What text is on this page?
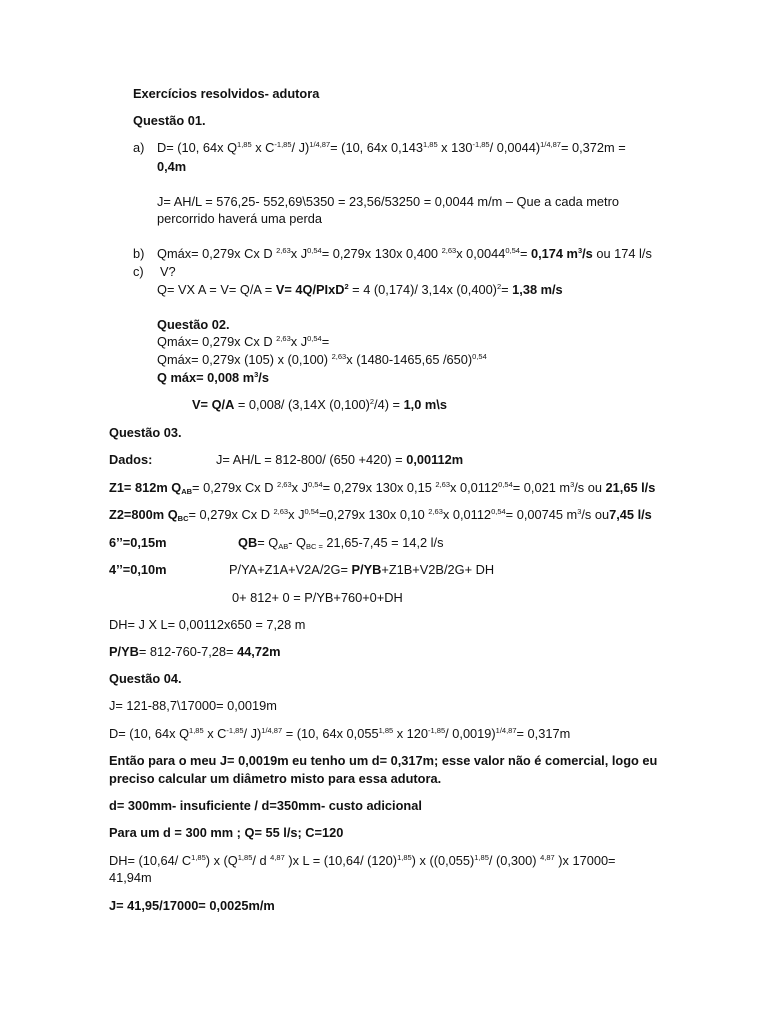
Exercícios resolvidos- adutora
Questão 01.
a) D= (10, 64x Q$^{1,85}$ x $C^{-1,85}/$ J)$^{1/4,87}$= (10, 64x 0,143$^{1,85}$ x $130^{-1,85}/$ 0,0044)$^{1/4,87}$= 0,372m =
0,4m
J= AH/L = 576,25- 552,69\5350 = 23,56/53250 = 0,0044 m/m – Que a cada metro
percorrido haverá uma perda
b) Qmáx= 0,279x Cx D $^{2,63}$x J$^{0,54}$= 0,279x 130x 0,400 $^{2,63}$x $0,0044^{0,54}= 0,174$ $m^3/s$ ou 174 l/s
c) V?
Q= VX A = V= Q/A = V= 4Q/PIxD$^2$ = 4 (0,174)/ 3,14x $(0,400)^2= 1,38$ m/s
Questão 02.
Qmáx= 0,279x Cx D $^{2,63}$x J$^{0,54}$=
Qmáx= 0,279x (105) x (0,100) $^{2,63}$x (1480-1465,65 /650)$^{0,54}$
Q máx= 0,008 $m^3/s$
V= Q/A = 0,008/ (3,14X $(0,100)^2/4) = 1,0$ m\s
Questão 03.
Dados:	J= AH/L = 812-800/ (650 +420) = 0,00112m
Z1= 812m $Q_{AB}= 0,279x$ Cx D $^{2,63}$x J$^{0,54}$= 0,279x 130x 0,15 $^{2,63}$x $0,0112^{0,54}= 0,021$ $m^3/s$ ou 21,65 l/s
Z2=800m $Q_{BC}= 0,279x$ Cx D $^{2,63}$x J$^{0,54}$=0,279x 130x 0,10 $^{2,63}$x $0,0112^{0,54}= 0,00745$ $m^3/s$ ou7,45 l/s
6’’=0,15m	$QB= Q_{AB}-$ $Q_{BC =}$ 21,65-7,45 = 14,2 l/s
4’’=0,10m	P/YA+Z1A+V2A/2G= P/YB+Z1B+V2B/2G+ DH
0+ 812+ 0 = P/YB+760+0+DH
DH= J X L= 0,00112x650 = 7,28 m
P/YB= 812-760-7,28= 44,72m
Questão 04.
J= 121-88,7\17000= 0,0019m
D= (10, 64x Q$^{1,85}$ x $C^{-1,85}/$ J)$^{1/4,87}$ = (10, 64x 0,055$^{1,85}$ x $120^{-1,85}/$ 0,0019)$^{1/4,87}$= 0,317m
Então para o meu J= 0,0019m eu tenho um d= 0,317m; esse valor não é comercial, logo eu
preciso calcular um diâmetro misto para essa adutora.
d= 300mm- insuficiente / d=350mm- custo adicional
Para um d = 300 mm ; Q= 55 l/s; C=120
DH= (10,64/ C$^{1,85}$) x ($Q^{1,85}/$ d $^{4,87}$ )x L = (10,64/ $(120)^{1,85}$) x ($(0,055)^{1,85}/$ (0,300) $^{4,87}$ )x 17000=
41,94m
J= 41,95/17000= 0,0025m/m
